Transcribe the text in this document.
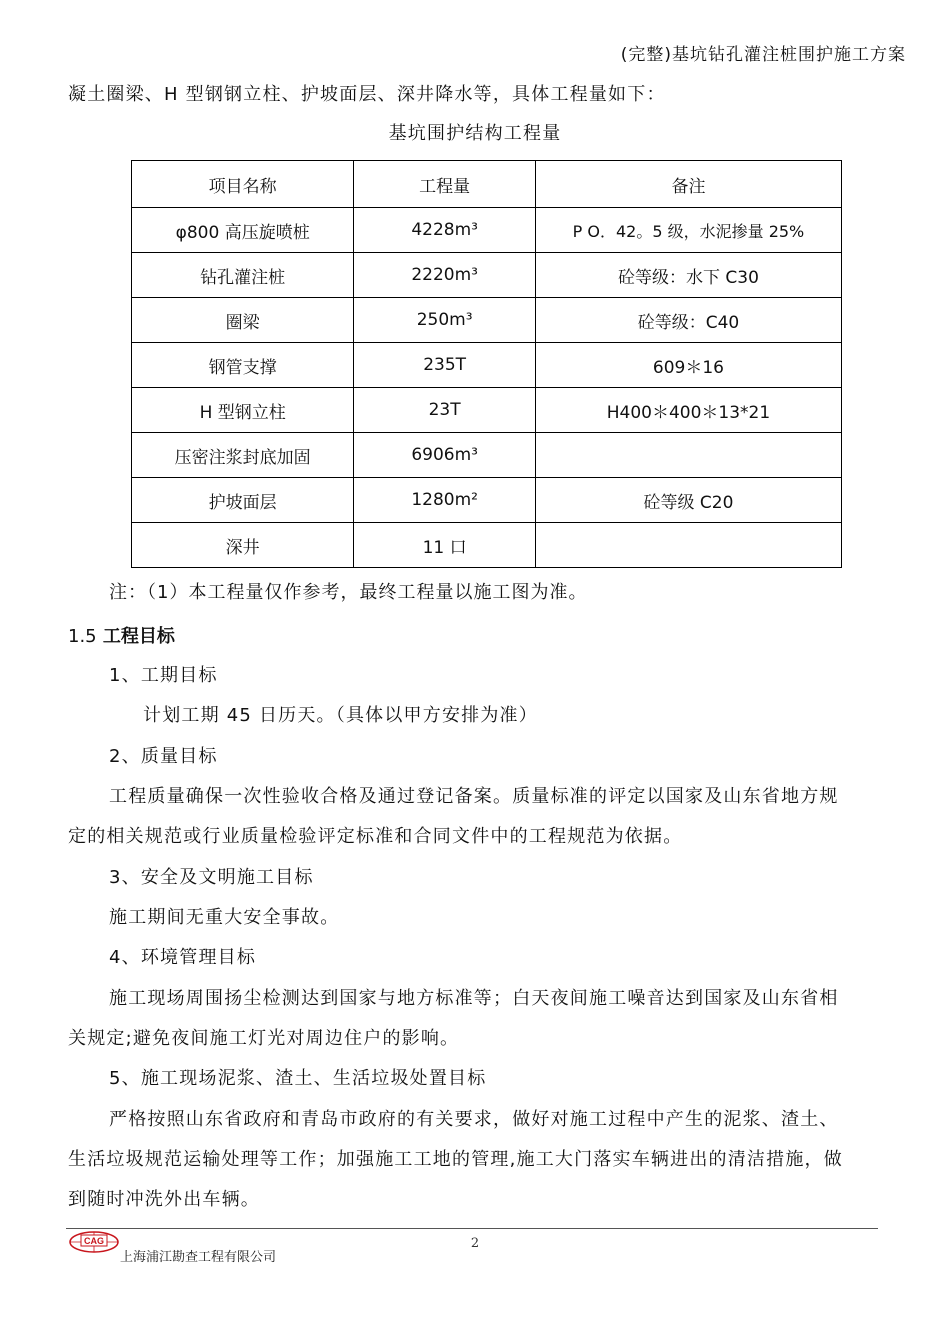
(完整)基坑钻孔灌注桩围护施工方案
凝土圈梁、H 型钢钢立柱、护坡面层、深井降水等，具体工程量如下：
基坑围护结构工程量
项目名称	工程量	备注
φ800 高压旋喷桩	4228m³	P O．42。5 级，水泥掺量 25%
钻孔灌注桩	2220m³	砼等级：水下 C30
圈梁	250m³	砼等级：C40
钢管支撑	235T	609＊16
H 型钢立柱	23T	H400＊400＊13*21
压密注浆封底加固	6906m³	
护坡面层	1280m²	砼等级 C20
深井	11 口	
注：（1）本工程量仅作参考，最终工程量以施工图为准。
1.5 工程目标
1、工期目标
计划工期 45 日历天。（具体以甲方安排为准）
2、质量目标
工程质量确保一次性验收合格及通过登记备案。质量标准的评定以国家及山东省地方规
定的相关规范或行业质量检验评定标准和合同文件中的工程规范为依据。
3、安全及文明施工目标
施工期间无重大安全事故。
4、环境管理目标
施工现场周围扬尘检测达到国家与地方标准等；白天夜间施工噪音达到国家及山东省相
关规定;避免夜间施工灯光对周边住户的影响。
5、施工现场泥浆、渣土、生活垃圾处置目标
严格按照山东省政府和青岛市政府的有关要求，做好对施工过程中产生的泥浆、渣土、
生活垃圾规范运输处理等工作；加强施工工地的管理,施工大门落实车辆进出的清洁措施，做
到随时冲洗外出车辆。
2
CAG
上海浦江勘查工程有限公司
